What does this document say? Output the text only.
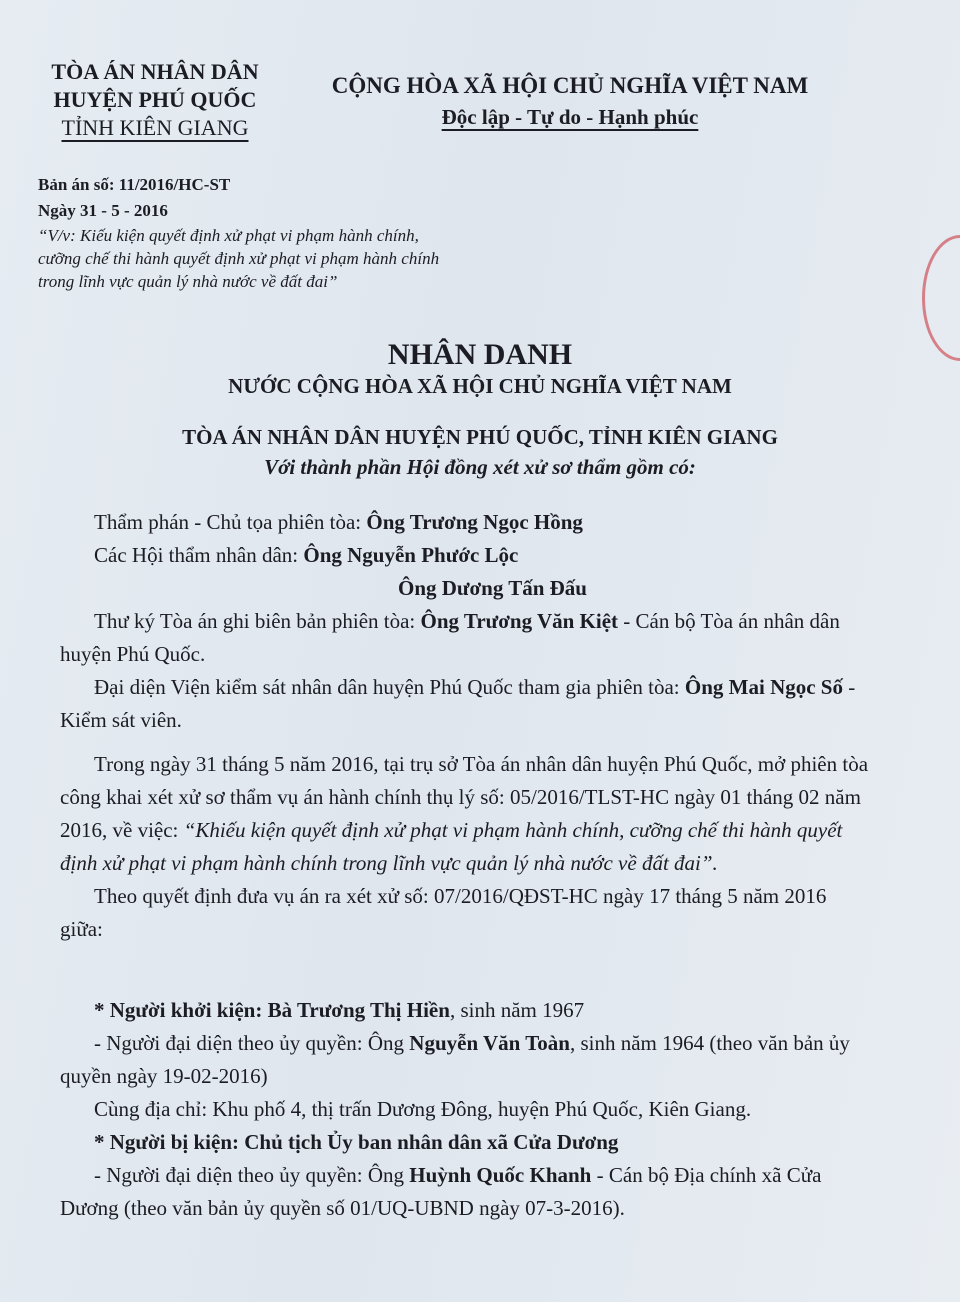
TÒA ÁN NHÂN DÂN
HUYỆN PHÚ QUỐC
TỈNH KIÊN GIANG
CỘNG HÒA XÃ HỘI CHỦ NGHĨA VIỆT NAM
Độc lập - Tự do - Hạnh phúc
Bản án số: 11/2016/HC-ST
Ngày 31 - 5 - 2016
“V/v: Kiếu kiện quyết định xử phạt vi phạm hành chính,
cưỡng chế thi hành quyết định xử phạt vi phạm hành chính
trong lĩnh vực quản lý nhà nước về đất đai”
NHÂN DANH
NƯỚC CỘNG HÒA XÃ HỘI CHỦ NGHĨA VIỆT NAM
TÒA ÁN NHÂN DÂN HUYỆN PHÚ QUỐC, TỈNH KIÊN GIANG
Với thành phần Hội đồng xét xử sơ thẩm gồm có:

Thẩm phán - Chủ tọa phiên tòa: Ông Trương Ngọc Hồng

Các Hội thẩm nhân dân: Ông Nguyễn Phước Lộc

Ông Dương Tấn Đấu

Thư ký Tòa án ghi biên bản phiên tòa: Ông Trương Văn Kiệt - Cán bộ Tòa án nhân dân huyện Phú Quốc.

Đại diện Viện kiểm sát nhân dân huyện Phú Quốc tham gia phiên tòa: Ông Mai Ngọc Số - Kiểm sát viên.

Trong ngày 31 tháng 5 năm 2016, tại trụ sở Tòa án nhân dân huyện Phú Quốc, mở phiên tòa công khai xét xử sơ thẩm vụ án hành chính thụ lý số: 05/2016/TLST-HC ngày 01 tháng 02 năm 2016, về việc: “Khiếu kiện quyết định xử phạt vi phạm hành chính, cưỡng chế thi hành quyết định xử phạt vi phạm hành chính trong lĩnh vực quản lý nhà nước về đất đai”.

Theo quyết định đưa vụ án ra xét xử số: 07/2016/QĐST-HC ngày 17 tháng 5 năm 2016 giữa:

* Người khởi kiện: Bà Trương Thị Hiền, sinh năm 1967

- Người đại diện theo ủy quyền: Ông Nguyễn Văn Toàn, sinh năm 1964 (theo văn bản ủy quyền ngày 19-02-2016)

Cùng địa chỉ: Khu phố 4, thị trấn Dương Đông, huyện Phú Quốc, Kiên Giang.

* Người bị kiện: Chủ tịch Ủy ban nhân dân xã Cửa Dương

- Người đại diện theo ủy quyền: Ông Huỳnh Quốc Khanh - Cán bộ Địa chính xã Cửa Dương (theo văn bản ủy quyền số 01/UQ-UBND ngày 07-3-2016).
